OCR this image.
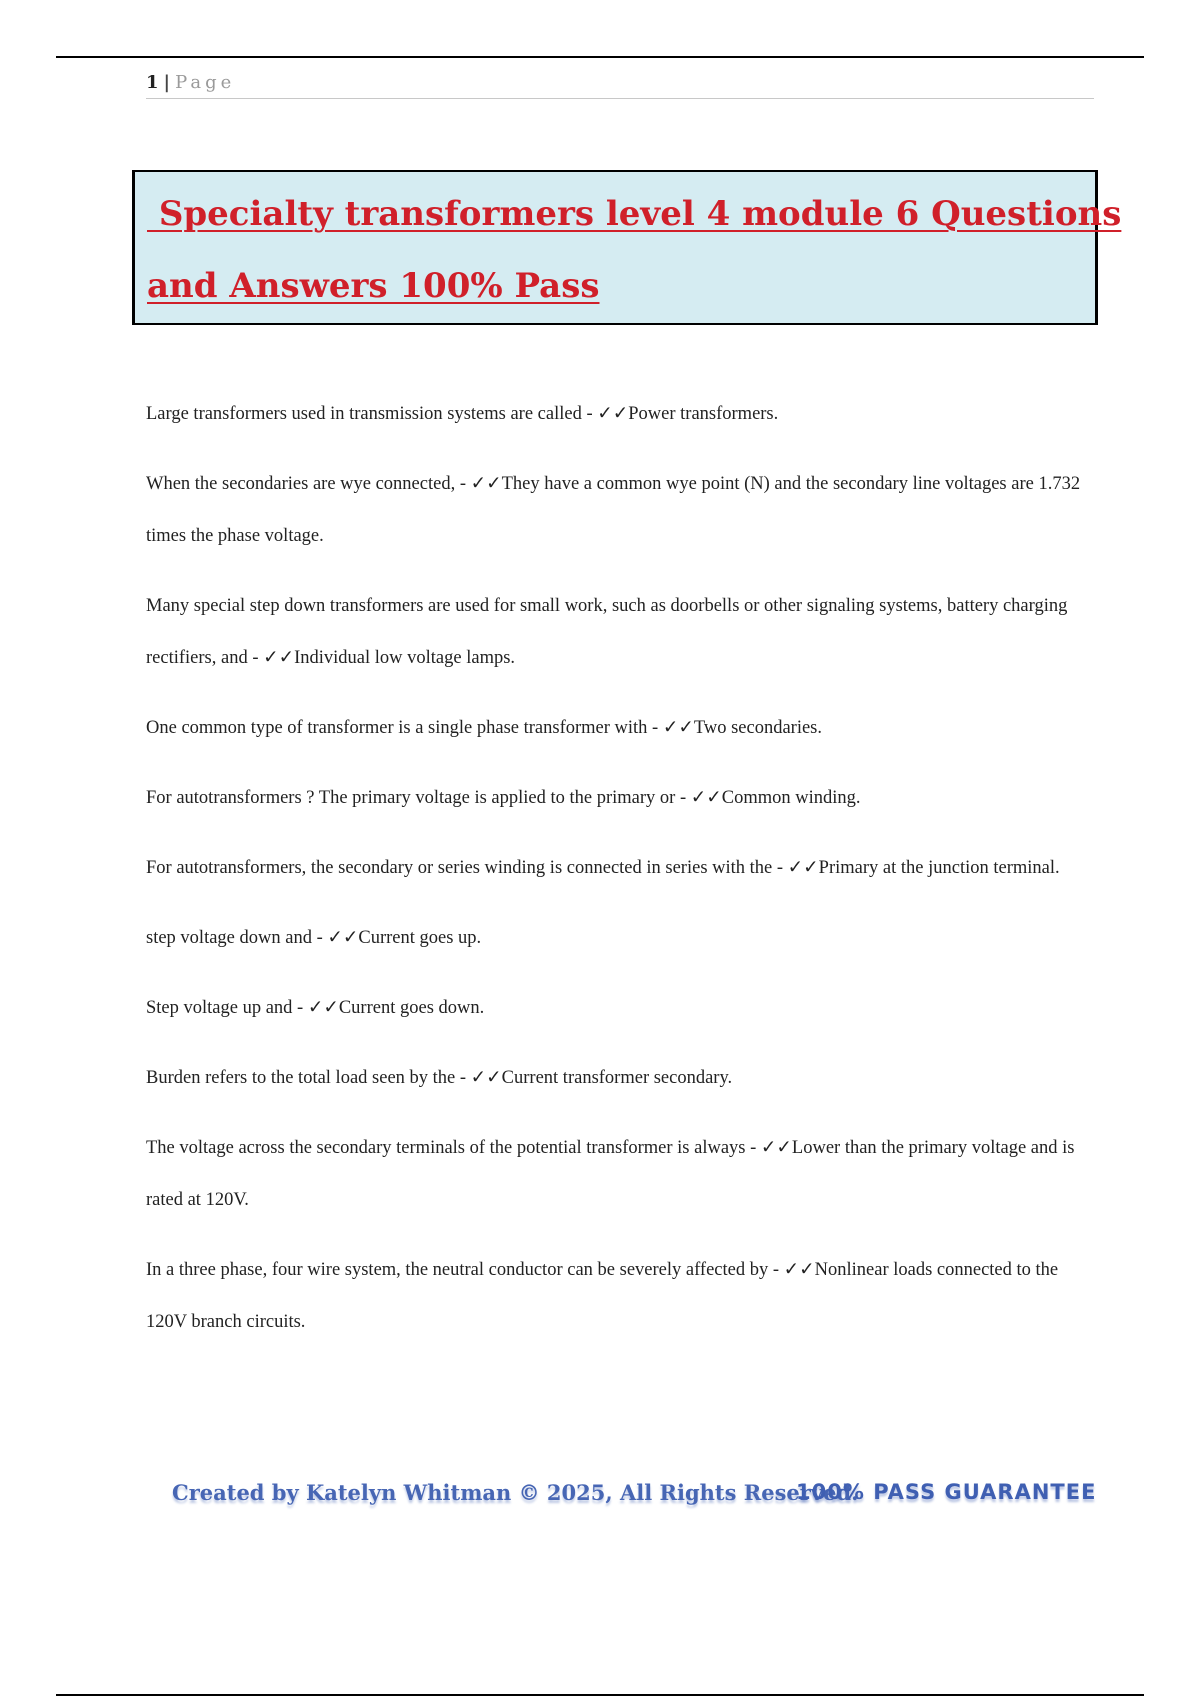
1 | Page
Specialty transformers level 4 module 6 Questions
and Answers 100% Pass

Large transformers used in transmission systems are called - ✓✓Power transformers.

When the secondaries are wye connected, - ✓✓They have a common wye point (N) and the secondary line voltages are 1.732 times the phase voltage.

Many special step down transformers are used for small work, such as doorbells or other signaling systems, battery charging rectifiers, and - ✓✓Individual low voltage lamps.

One common type of transformer is a single phase transformer with - ✓✓Two secondaries.

For autotransformers ? The primary voltage is applied to the primary or - ✓✓Common winding.

For autotransformers, the secondary or series winding is connected in series with the - ✓✓Primary at the junction terminal.

step voltage down and - ✓✓Current goes up.

Step voltage up and - ✓✓Current goes down.

Burden refers to the total load seen by the - ✓✓Current transformer secondary.

The voltage across the secondary terminals of the potential transformer is always - ✓✓Lower than the primary voltage and is rated at 120V.

In a three phase, four wire system, the neutral conductor can be severely affected by - ✓✓Nonlinear loads connected to the 120V branch circuits.

Created by Katelyn Whitman © 2025, All Rights Reserved.
100% PASS GUARANTEE
